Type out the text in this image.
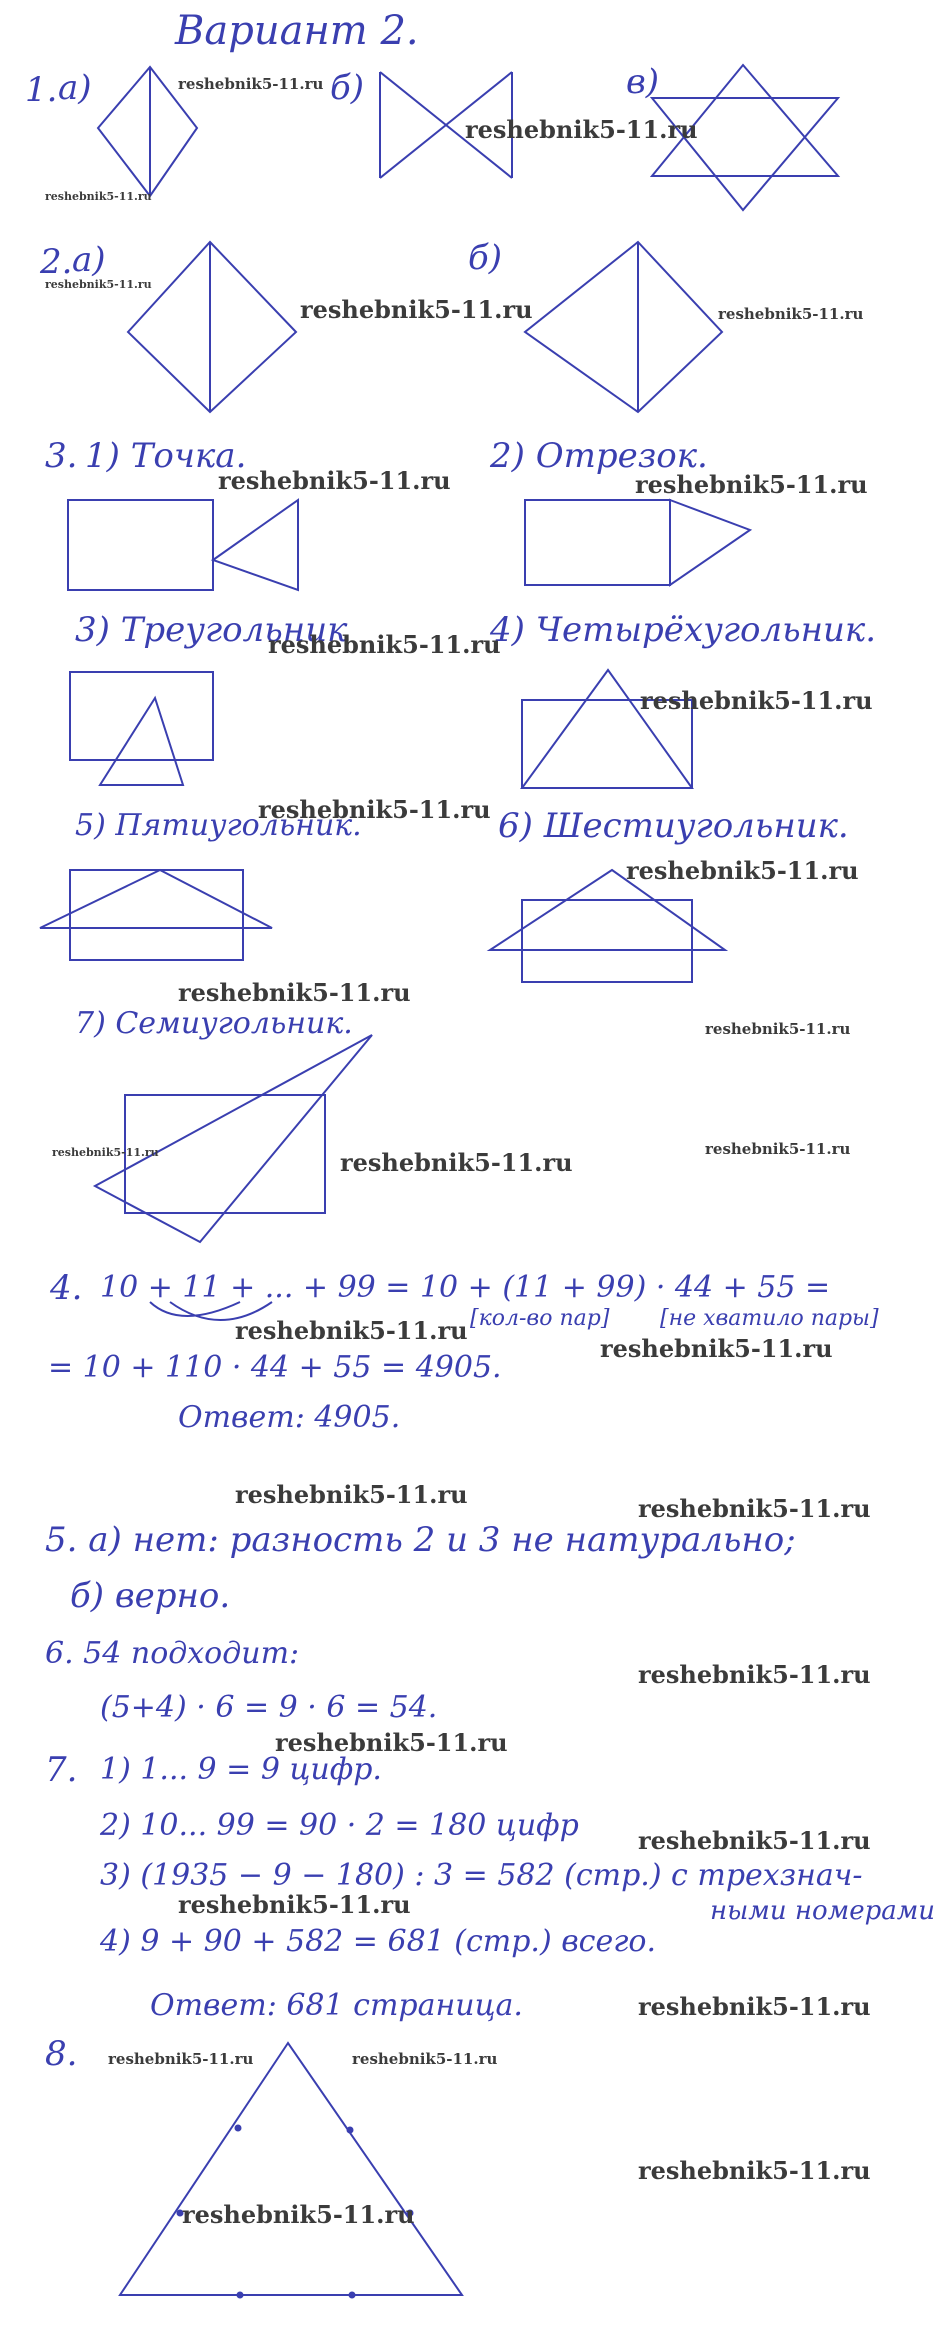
Вариант 2.
1. а)	б)	в)
2. а)	б)
3. 1) Точка.	2) Отрезок.
3) Треугольник	4) Четырёхугольник.
5) Пятиугольник.	6) Шестиугольник.
7) Семиугольник.
4. 10 + 11 + ... + 99 = 10 + (11 + 99) · 44 + 55 =
[кол-во пар] [не хватило пары]
= 10 + 110 · 44 + 55 = 4905.
Ответ: 4905.
5. а) нет: разность 2 и 3 не натурально;
б) верно.
6. 54 подходит:
(5+4) · 6 = 9 · 6 = 54.
7. 1) 1... 9 = 9 цифр.
2) 10... 99 = 90 · 2 = 180 цифр
3) (1935 − 9 − 180) : 3 = 582 (стр.) с трехзнач-
ными номерами
4) 9 + 90 + 582 = 681 (стр.) всего.
Ответ: 681 страница.
8.
reshebnik5-11.ru
reshebnik5-11.ru
reshebnik5-11.ru
reshebnik5-11.ru
reshebnik5-11.ru	reshebnik5-11.ru
reshebnik5-11.ru	reshebnik5-11.ru
reshebnik5-11.ru
reshebnik5-11.ru
reshebnik5-11.ru
reshebnik5-11.ru
reshebnik5-11.ru
reshebnik5-11.ru
reshebnik5-11.ru	reshebnik5-11.ru	reshebnik5-11.ru
reshebnik5-11.ru
reshebnik5-11.ru
reshebnik5-11.ru	reshebnik5-11.ru
reshebnik5-11.ru
reshebnik5-11.ru
reshebnik5-11.ru
reshebnik5-11.ru
reshebnik5-11.ru
reshebnik5-11.ru	reshebnik5-11.ru
reshebnik5-11.ru
reshebnik5-11.ru
